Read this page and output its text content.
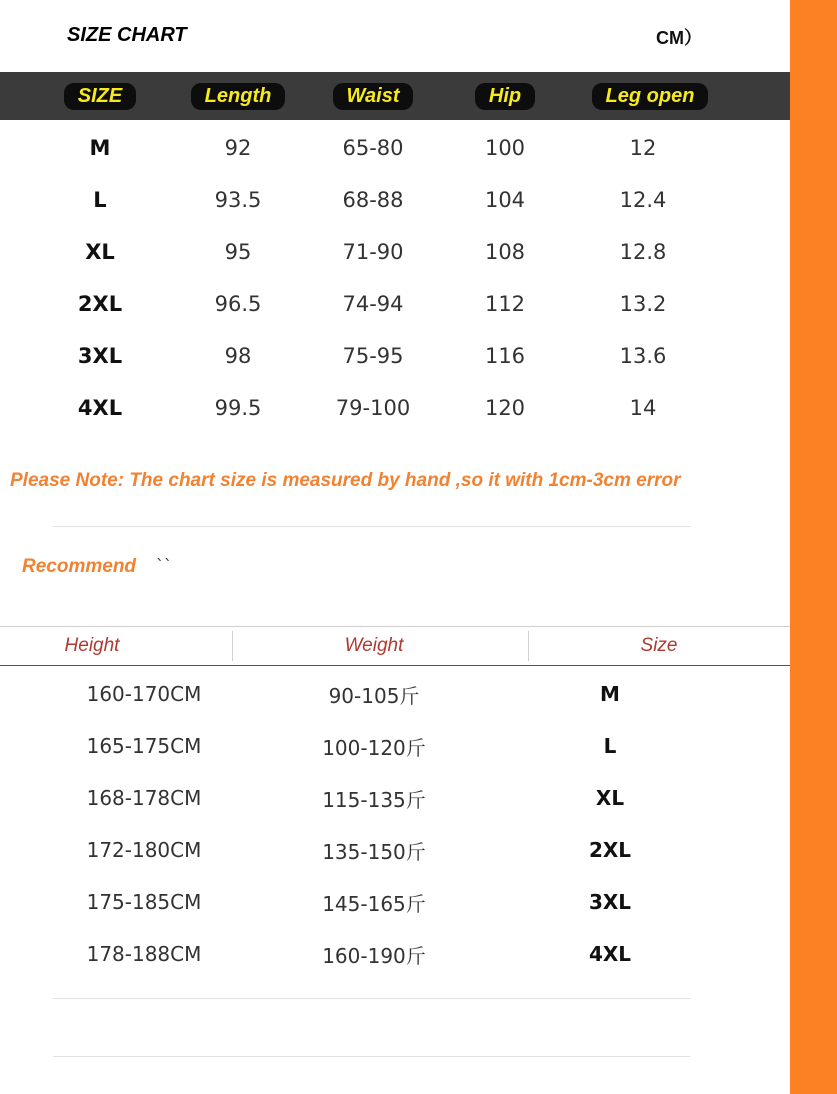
SIZE CHART	CM）
SIZE	Length	Waist	Hip	Leg open
M	92	65-80	100	12
L	93.5	68-88	104	12.4
XL	95	71-90	108	12.8
2XL	96.5	74-94	112	13.2
3XL	98	75-95	116	13.6
4XL	99.5	79-100	120	14
Please Note: The chart size is measured by hand ,so it with 1cm-3cm error
Recommend ``
Height	Weight	Size
160-170CM	90-105斤	M
165-175CM	100-120斤	L
168-178CM	115-135斤	XL
172-180CM	135-150斤	2XL
175-185CM	145-165斤	3XL
178-188CM	160-190斤	4XL
